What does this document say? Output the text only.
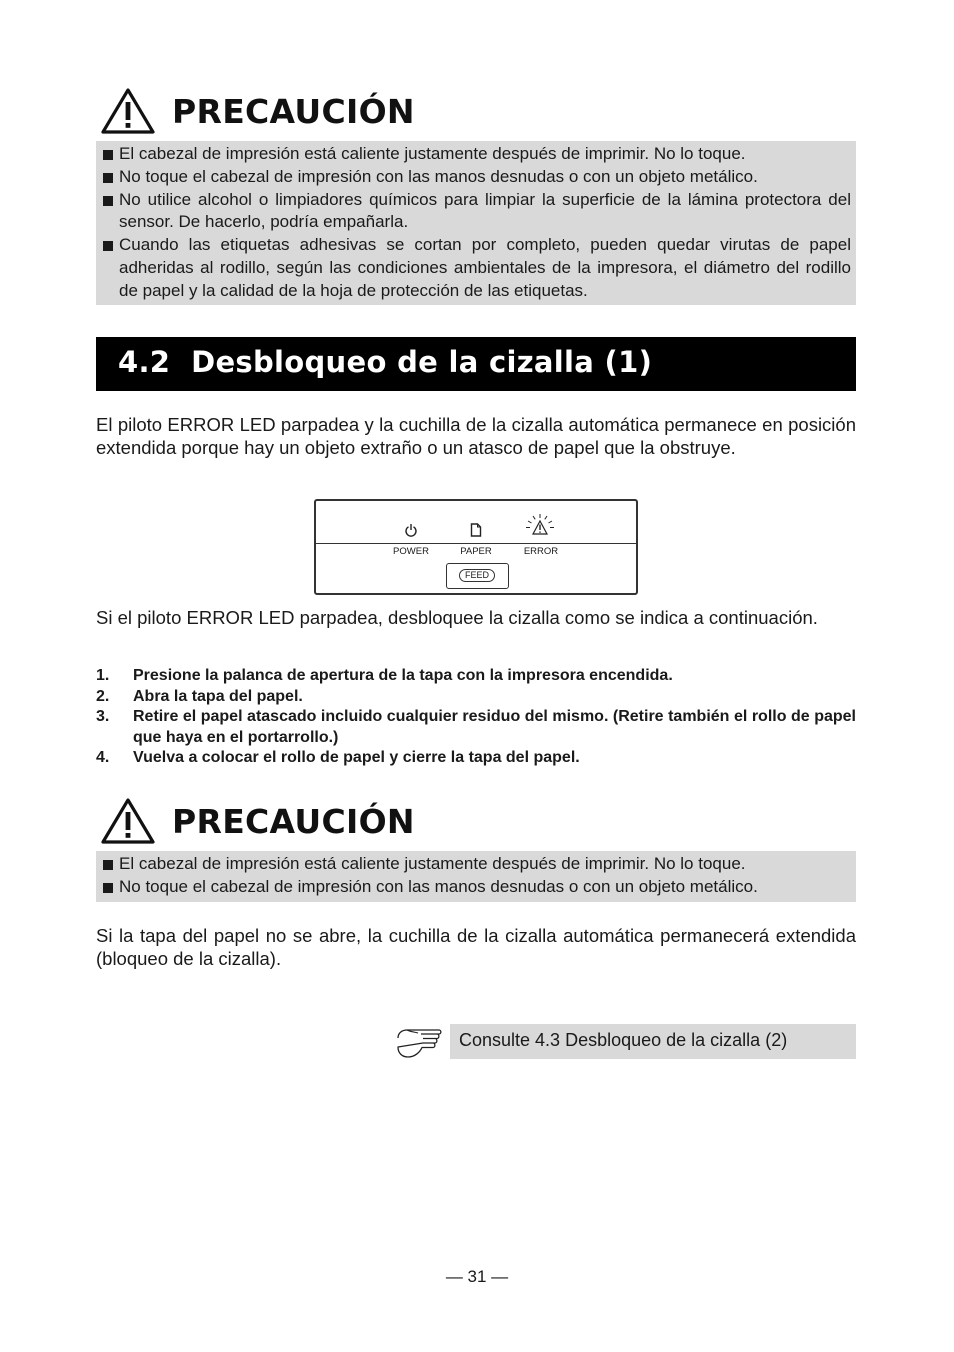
PRECAUCIÓN
El cabezal de impresión está caliente justamente después de imprimir. No lo toque.
No toque el cabezal de impresión con las manos desnudas o con un objeto metálico.
No utilice alcohol o limpiadores químicos para limpiar la superficie de la lámina protectora del sensor. De hacerlo, podría empañarla.
Cuando las etiquetas adhesivas se cortan por completo, pueden quedar virutas de papel adheridas al rodillo, según las condiciones ambientales de la impresora, el diámetro del rodillo de papel y la calidad de la hoja de protección de las etiquetas.
4.2  Desbloqueo de la cizalla (1)

El piloto ERROR LED parpadea y la cuchilla de la cizalla automática permanece en posición extendida porque hay un objeto extraño o un atasco de papel que la obstruye.

POWER	PAPER	ERROR
FEED

Si el piloto ERROR LED parpadea, desbloquee la cizalla como se indica a continuación.

1. Presione la palanca de apertura de la tapa con la impresora encendida.
2. Abra la tapa del papel.
3. Retire el papel atascado incluido cualquier residuo del mismo. (Retire también el rollo de papel que haya en el portarrollo.)
4. Vuelva a colocar el rollo de papel y cierre la tapa del papel.
PRECAUCIÓN
El cabezal de impresión está caliente justamente después de imprimir. No lo toque.
No toque el cabezal de impresión con las manos desnudas o con un objeto metálico.

Si la tapa del papel no se abre, la cuchilla de la cizalla automática permanecerá extendida (bloqueo de la cizalla).

Consulte 4.3 Desbloqueo de la cizalla (2)
— 31 —
